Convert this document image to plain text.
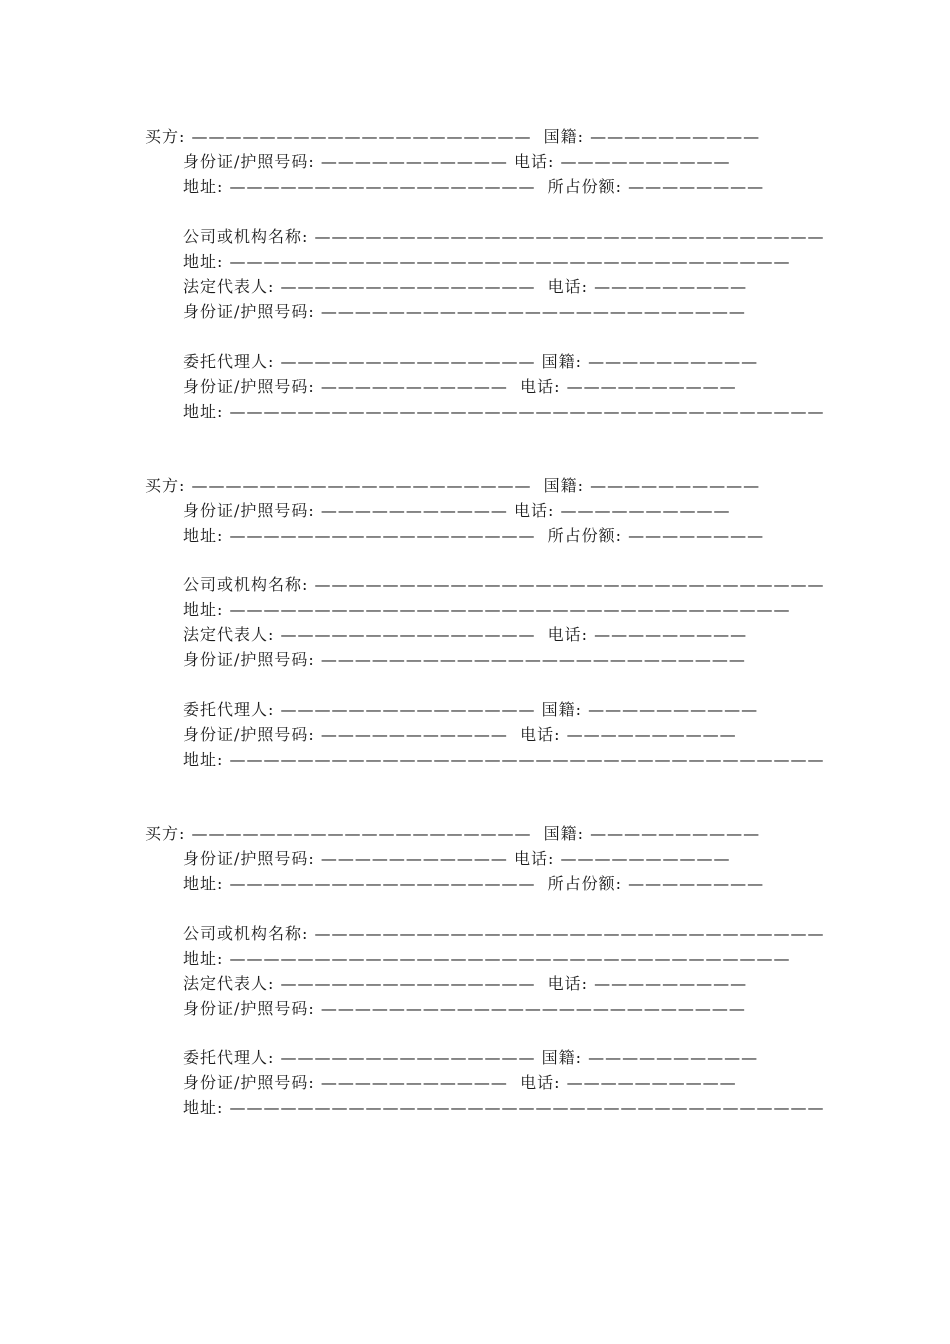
买方: ———————————————————— 国籍: ——————————
身份证/护照号码: ——————————— 电话: ——————————
地址: —————————————————— 所占份额: ————————
公司或机构名称: ——————————————————————————————
地址: —————————————————————————————————
法定代表人: ——————————————— 电话: —————————
身份证/护照号码: —————————————————————————
委托代理人: ——————————————— 国籍: ——————————
身份证/护照号码: ——————————— 电话: ——————————
地址: ———————————————————————————————————
买方: ———————————————————— 国籍: ——————————
身份证/护照号码: ——————————— 电话: ——————————
地址: —————————————————— 所占份额: ————————
公司或机构名称: ——————————————————————————————
地址: —————————————————————————————————
法定代表人: ——————————————— 电话: —————————
身份证/护照号码: —————————————————————————
委托代理人: ——————————————— 国籍: ——————————
身份证/护照号码: ——————————— 电话: ——————————
地址: ———————————————————————————————————
买方: ———————————————————— 国籍: ——————————
身份证/护照号码: ——————————— 电话: ——————————
地址: —————————————————— 所占份额: ————————
公司或机构名称: ——————————————————————————————
地址: —————————————————————————————————
法定代表人: ——————————————— 电话: —————————
身份证/护照号码: —————————————————————————
委托代理人: ——————————————— 国籍: ——————————
身份证/护照号码: ——————————— 电话: ——————————
地址: ———————————————————————————————————
